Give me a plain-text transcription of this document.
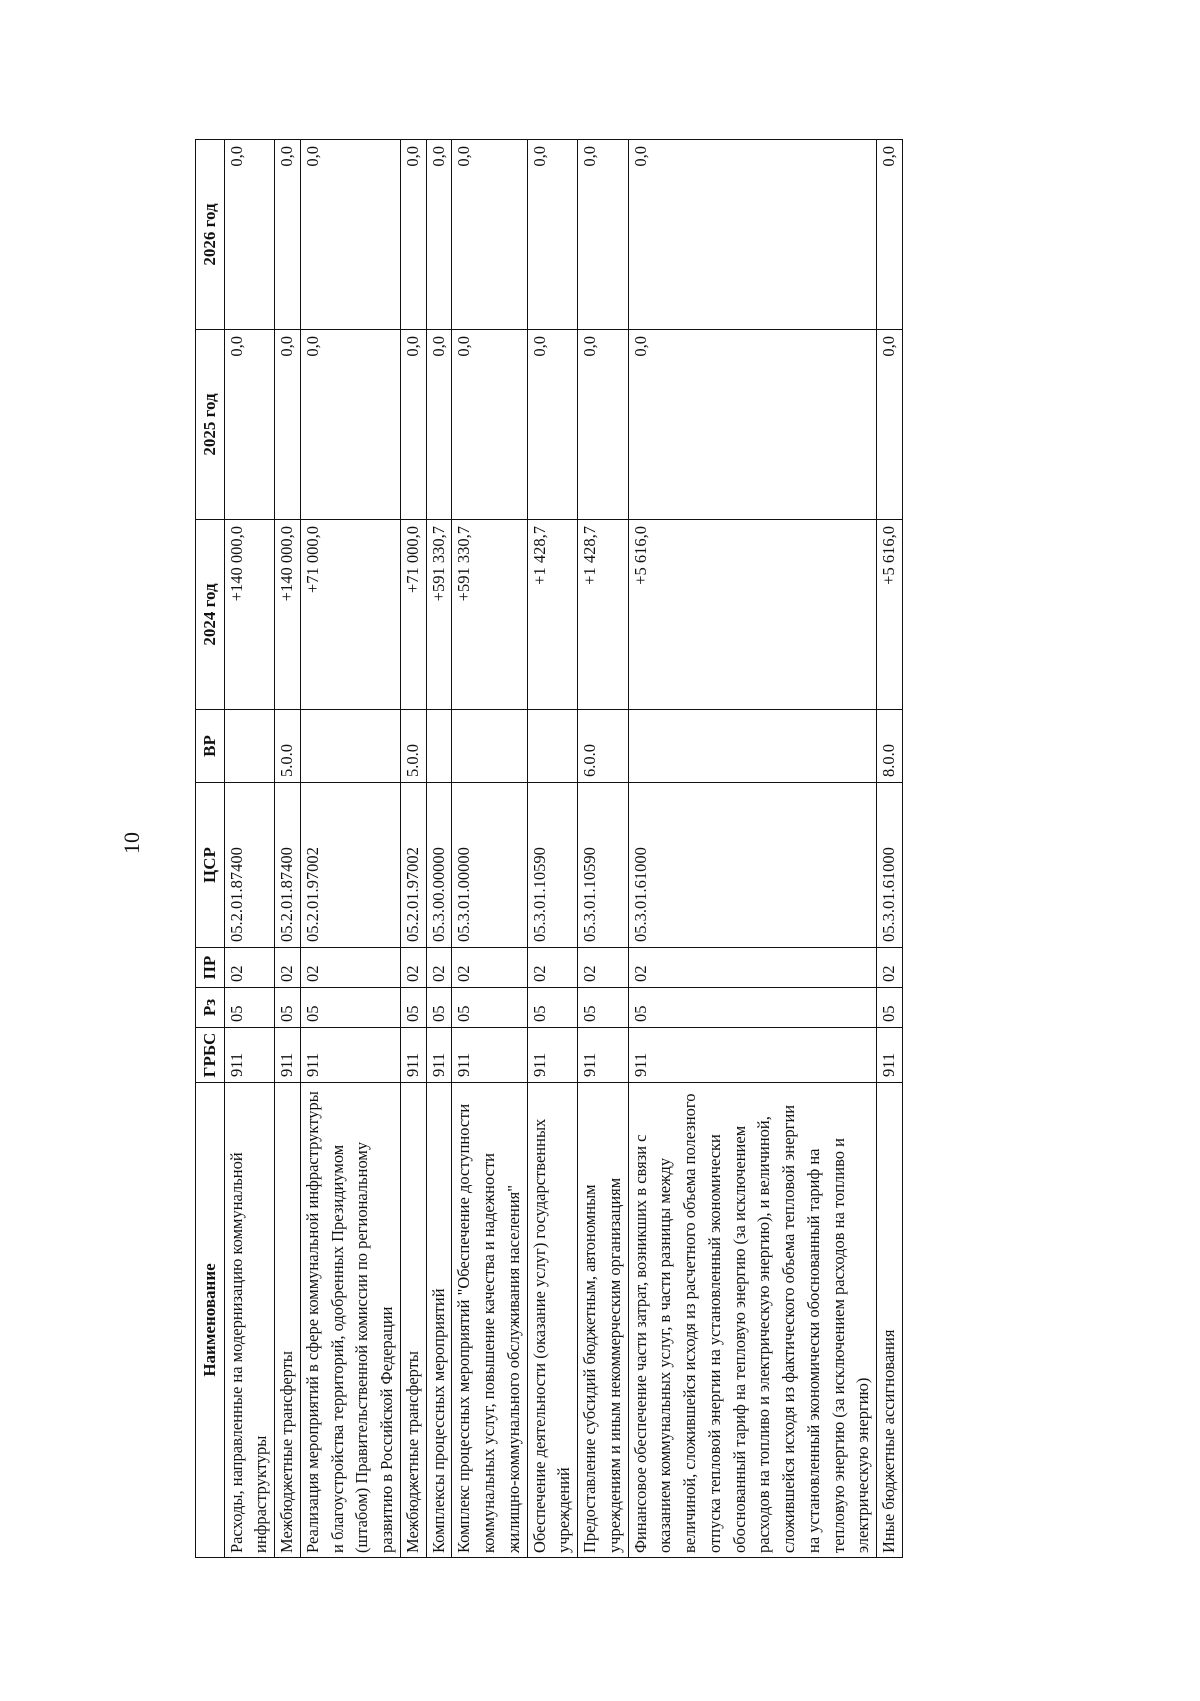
10
Наименование	ГРБС	Рз	ПР	ЦСР	ВР	2024 год	2025 год	2026 год
Расходы, направленные на модернизацию коммунальной инфраструктуры	911	05	02	05.2.01.87400		+140 000,0	0,0	0,0
Межбюджетные трансферты	911	05	02	05.2.01.87400	5.0.0	+140 000,0	0,0	0,0
Реализация мероприятий в сфере коммунальной инфраструктуры и благоустройства территорий, одобренных Президиумом (штабом) Правительственной комиссии по региональному развитию в Российской Федерации	911	05	02	05.2.01.97002		+71 000,0	0,0	0,0
Межбюджетные трансферты	911	05	02	05.2.01.97002	5.0.0	+71 000,0	0,0	0,0
Комплексы процессных мероприятий	911	05	02	05.3.00.00000		+591 330,7	0,0	0,0
Комплекс процессных мероприятий "Обеспечение доступности коммунальных услуг, повышение качества и надежности жилищно-коммунального обслуживания населения"	911	05	02	05.3.01.00000		+591 330,7	0,0	0,0
Обеспечение деятельности (оказание услуг) государственных учреждений	911	05	02	05.3.01.10590		+1 428,7	0,0	0,0
Предоставление субсидий бюджетным, автономным учреждениям и иным некоммерческим организациям	911	05	02	05.3.01.10590	6.0.0	+1 428,7	0,0	0,0
Финансовое обеспечение части затрат, возникших в связи с оказанием коммунальных услуг, в части разницы между величиной, сложившейся исходя из расчетного объема полезного отпуска тепловой энергии на установленный экономически обоснованный тариф на тепловую энергию (за исключением расходов на топливо и электрическую энергию), и величиной, сложившейся исходя из фактического объема тепловой энергии на установленный экономически обоснованный тариф на тепловую энергию (за исключением расходов на топливо и электрическую энергию)	911	05	02	05.3.01.61000		+5 616,0	0,0	0,0
Иные бюджетные ассигнования	911	05	02	05.3.01.61000	8.0.0	+5 616,0	0,0	0,0
